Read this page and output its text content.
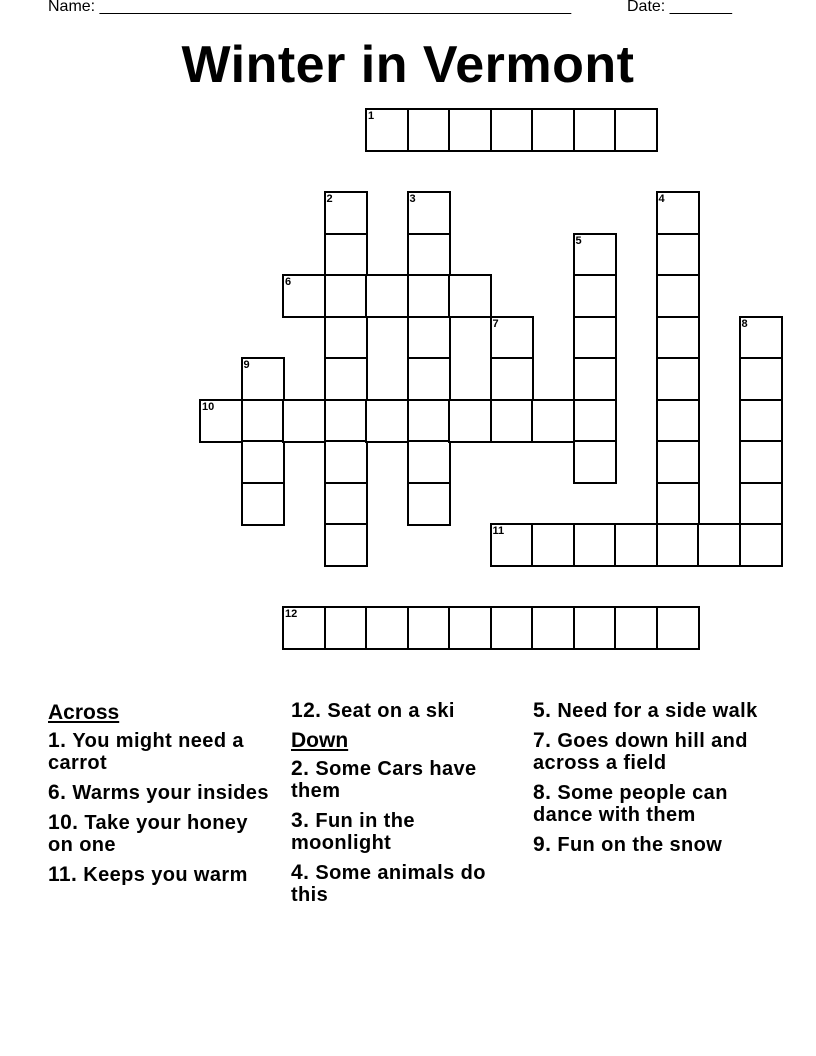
Name: _____________________________________________________	Date: _______
Winter in Vermont
1
2	3	4
5
6
7	8
9
10
11
12
Across
1. You might need a carrot
6. Warms your insides
10. Take your honey on one
11. Keeps you warm
12. Seat on a ski
Down
2. Some Cars have them
3. Fun in the moonlight
4. Some animals do this
5. Need for a side walk
7. Goes down hill and across a field
8. Some people can dance with them
9. Fun on the snow
